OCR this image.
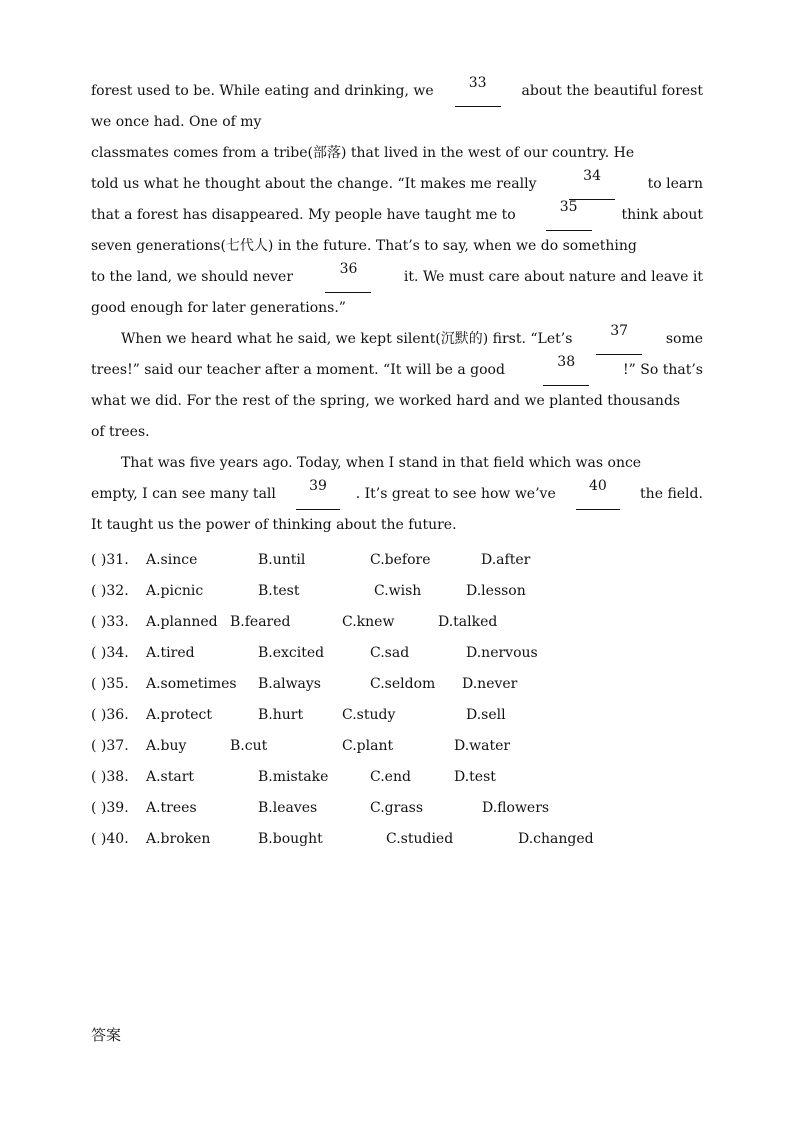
forest used to be. While eating and drinking, we	33	about the beautiful forest
we once had. One of my
classmates comes from a tribe(部落) that lived in the west of our country. He
told us what he thought about the change. “It makes me really	34	to learn
that a forest has disappeared. My people have taught me to	35	think about
seven generations(七代人) in the future. That’s to say, when we do something
to the land, we should never	36	it. We must care about nature and leave it
good enough for later generations.”
When we heard what he said, we kept silent(沉默的) first. “Let’s	37	some
trees!” said our teacher after a moment. “It will be a good	38	!” So that’s
what we did. For the rest of the spring, we worked hard and we planted thousands
of trees.
That was five years ago. Today, when I stand in that field which was once
empty, I can see many tall	39	. It’s great to see how we’ve	40	the field.
It taught us the power of thinking about the future.
( )31. A.since	B.until	C.before	D.after
( )32. A.picnic	B.test	C.wish	D.lesson
( )33. A.planned B.feared	C.knew	D.talked
( )34. A.tired	B.excited	C.sad	D.nervous
( )35. A.sometimes B.always	C.seldom D.never
( )36. A.protect	B.hurt	C.study	D.sell
( )37. A.buy	B.cut	C.plant	D.water
( )38. A.start	B.mistake	C.end	D.test
( )39. A.trees	B.leaves	C.grass	D.flowers
( )40. A.broken	B.bought	C.studied	D.changed
答案
